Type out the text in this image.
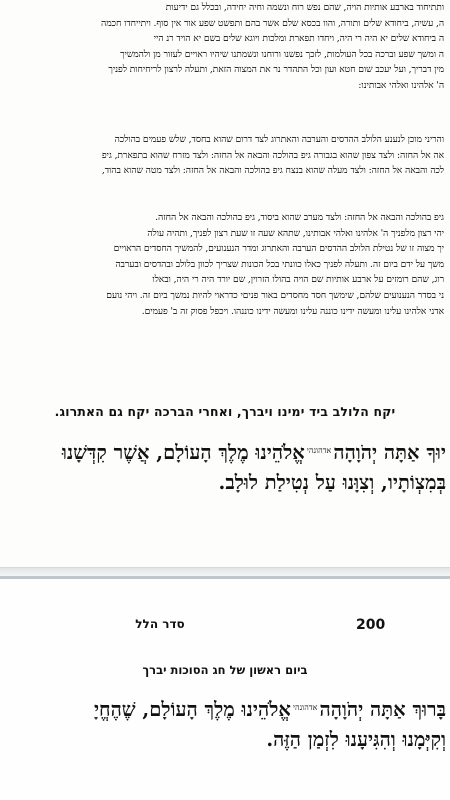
ותתיחוד בארבע אותיות הויה, שהם נפש רוח ונשמה וחיה יחידה, ובכלל גם ידיעות
ה, עשיה, ביחודא שלים ותורה, והוו בכסא שלם אשר בהם ותפשט שפע אור אין סוף. ויתייחדו חכמה
ה ביחודא שלים יא היה רי היה, ויחדו תפארת ומלכות ויוגא שלים בשם יא הויד רנ היי
ה ומשך שפע וברכה בכל העולמות, לזכך נפשנו ורוחנו ונשמתנו שיהיו ראויים לעזור מן ולהמשיך
מין דבריך, ועל יעכב שום חטא ועון וכל התהדר נר את המצוה הזאת, ותעלה לרצון לריחיחות לפניך
ה' אלהינו ואלהי אבותינו:
והריני מוכן לנענע הלולב ההדסים והערבה והאתרוג לצד דרום שהוא בחסד, שלש פעמים בהולכה
אה אל החזה: ולצד צפון שהוא בגבורה גיפ בהולכה והבאה אל החזה: ולצד מזרח שהוא בתפארת, גיפ
לכה והבאה אל החזה: ולצד מעלה שהוא בנצח גיפ בהולכה והבאה אל החזה: ולצד מטה שהוא בהוד,
גיפ בהולכה והבאה אל החזה: ולצד מערב שהוא ביסוד, גיפ בהולכה והבאה אל החזה.
יהי רצון מלפניך ה' אלהינו ואלהי אבותינו, שתהא שעה זו שעת רצון לפניך, ותהיה עולה
יך מצוה זו של נטילת הלולב ההדסים הערבה והאתרוג ומדר הנענועים, להמשיך החסדים הראויים
משך על ידם ביום זה. ותעלה לפניך כאלו כוונתי בכל הכונות שצריך לכוון בלולב ובהדסים ובערבה
רוג, שהם רומזים על ארבע אותיות שם הויה בהולו הזרוין, שם יורד היה רי היה, ובאלו
ני בסדר הנענועים שלהם, שימשך חסד מחסדים באור פניםי כדראוי להיות נמשך ביום זה. ויהי נועם
אדני אלהינו עלינו ומעשה ידינו כוננה עלינו ומעשה ידינו כוננהו. ויכפל פסוק זה ב' פעמים.
יקח הלולב ביד ימינו ויברך, ואחרי הברכה יקח גם האתרוג.
יוּךָ אַתָּה יְהֹוָהָה$^{אדהונהי}$אֱלֹהֵינוּ מֶלֶךְ הָעוֹלָם, אֲשֶׁר קִדְּשָׁנוּ
בְּמִצְוֹתָיו, וְצִוָּנוּ עַל נְטִילַת לוּלָב.
סדר הלל	200
ביום ראשון של חג הסוכות יברך
בָּרוּךְ אַתָּה יְהֹוָהָה$^{אדהונהי}$אֱלֹהֵינוּ מֶלֶךְ הָעוֹלָם, שֶׁהֶחֱיָ
וְקִיְּמָנוּ וְהִגִּיעָנוּ לִזְמַן הַזֶּה.
